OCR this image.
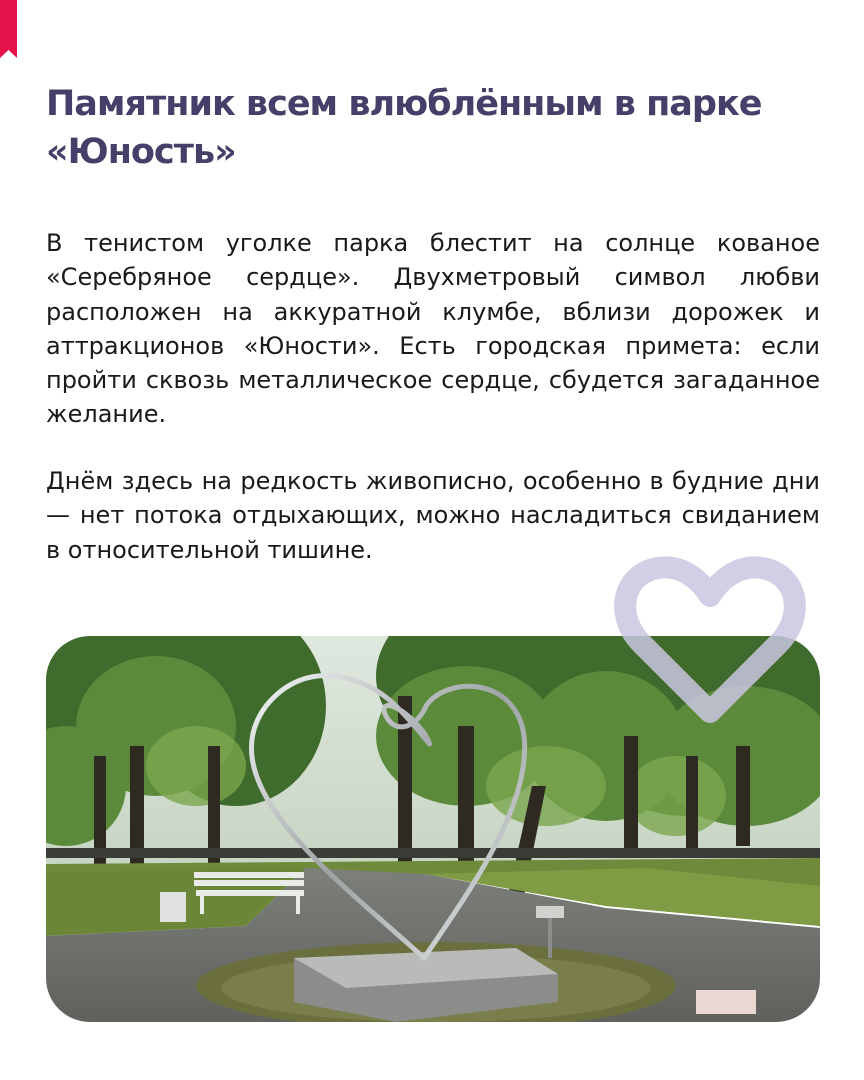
Памятник всем влюблённым в парке «Юность»

В тенистом уголке парка блестит на солнце кованое «Серебряное сердце». Двухметровый символ любви расположен на аккуратной клумбе, вблизи дорожек и аттракционов «Юности». Есть городская примета: если пройти сквозь металлическое сердце, сбудется загаданное желание.

Днём здесь на редкость живописно, особенно в будние дни — нет потока отдыхающих, можно насладиться свиданием в относительной тишине.
